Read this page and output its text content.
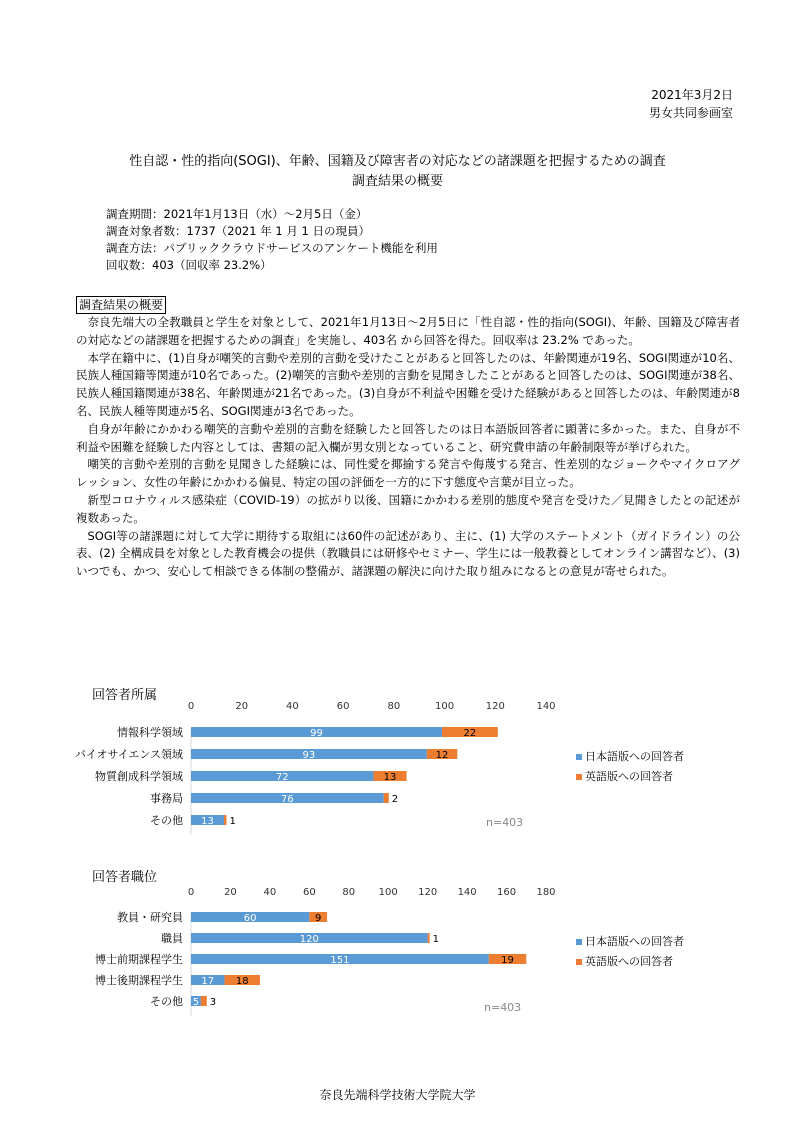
2021年3月2日
男女共同参画室
性自認・性的指向(SOGI)、年齢、国籍及び障害者の対応などの諸課題を把握するための調査
調査結果の概要
調査期間：2021年1月13日（水）～2月5日（金）
調査対象者数：1737（2021 年 1 月 1 日の現員）
調査方法：パブリッククラウドサービスのアンケート機能を利用
回収数：403（回収率 23.2%）
調査結果の概要

奈良先端大の全教職員と学生を対象として、2021年1月13日～2月5日に「性自認・性的指向(SOGI)、年齢、国籍及び障害者の対応などの諸課題を把握するための調査」を実施し、403名 から回答を得た。回収率は 23.2% であった。

本学在籍中に、(1)自身が嘲笑的言動や差別的言動を受けたことがあると回答したのは、年齢関連が19名、SOGI関連が10名、民族人種国籍等関連が10名であった。(2)嘲笑的言動や差別的言動を見聞きしたことがあると回答したのは、SOGI関連が38名、民族人種国籍関連が38名、年齢関連が21名であった。(3)自身が不利益や困難を受けた経験があると回答したのは、年齢関連が8名、民族人種等関連が5名、SOGI関連が3名であった。

自身が年齢にかかわる嘲笑的言動や差別的言動を経験したと回答したのは日本語版回答者に顕著に多かった。また、自身が不利益や困難を経験した内容としては、書類の記入欄が男女別となっていること、研究費申請の年齢制限等が挙げられた。

嘲笑的言動や差別的言動を見聞きした経験には、同性愛を揶揄する発言や侮蔑する発言、性差別的なジョークやマイクロアグレッション、女性の年齢にかかわる偏見、特定の国の評価を一方的に下す態度や言葉が目立った。

新型コロナウィルス感染症（COVID-19）の拡がり以後、国籍にかかわる差別的態度や発言を受けた／見聞きしたとの記述が複数あった。

SOGI等の諸課題に対して大学に期待する取組には60件の記述があり、主に、(1) 大学のステートメント（ガイドライン）の公表、(2) 全構成員を対象とした教育機会の提供（教職員には研修やセミナー、学生には一般教養としてオンライン講習など）、(3) いつでも、かつ、安心して相談できる体制の整備が、諸課題の解決に向けた取り組みになるとの意見が寄せられた。

回答者所属
0	20	40	60	80	100	120	140
情報科学領域	99	22
バイオサイエンス領域	93	12
物質創成科学領域	72	13
事務局	76	2
その他 13 1
日本語版への回答者
英語版への回答者
n=403
回答者職位
0	20	40	60	80 100 120 140 160 180
教員・研究員	60	9
職員	120	1
博士前期課程学生	151	19
博士後期課程学生 17 18
その他 5 3
日本語版への回答者
英語版への回答者
n=403
奈良先端科学技術大学院大学
